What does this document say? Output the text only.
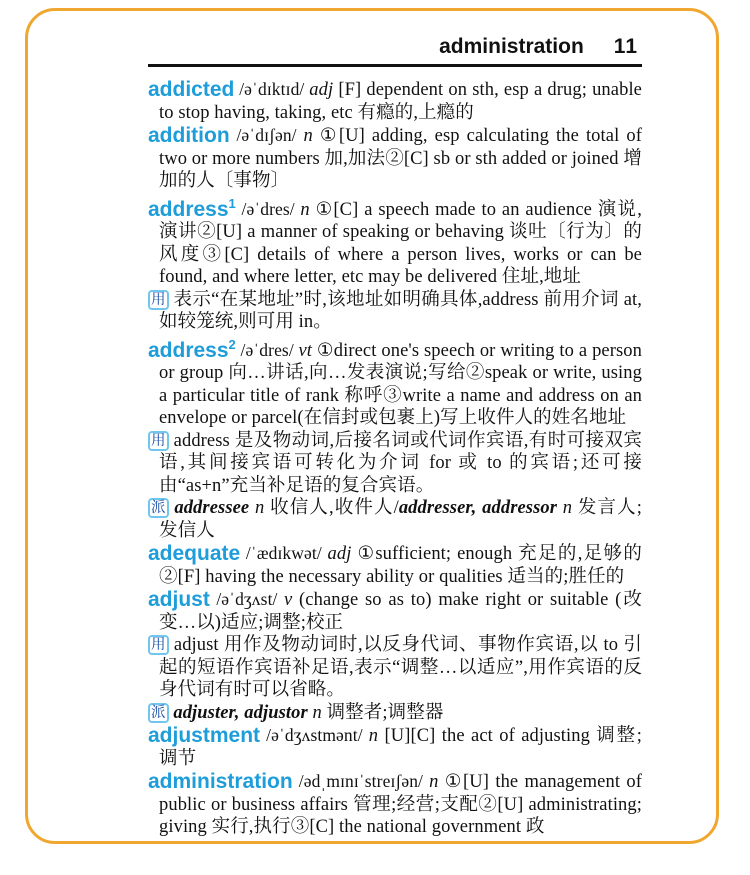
administration 11

addicted /əˈdɪktɪd/ adj [F] dependent on sth, esp a drug; unable to stop having, taking, etc 有瘾的,上瘾的

addition /əˈdɪʃən/ n ①[U] adding, esp calculating the total of two or more numbers 加,加法②[C] sb or sth added or joined 增加的人〔事物〕

address$^1$ /əˈdres/ n ①[C] a speech made to an audience 演说,演讲②[U] a manner of speaking or behaving 谈吐〔行为〕的风度③[C] details of where a person lives, works or can be found, and where letter, etc may be delivered 住址,地址

用 表示“在某地址”时,该地址如明确具体,address 前用介词 at, 如较笼统,则可用 in。

address$^2$ /əˈdres/ vt ①direct one's speech or writing to a person or group 向…讲话,向…发表演说;写给②speak or write, using a particular title of rank 称呼③write a name and address on an envelope or parcel(在信封或包裹上)写上收件人的姓名地址

用 address 是及物动词,后接名词或代词作宾语,有时可接双宾语,其间接宾语可转化为介词 for 或 to 的宾语;还可接由“as+n”充当补足语的复合宾语。

派 addressee n 收信人,收件人/addresser, addressor n 发言人;发信人

adequate /ˈædɪkwət/ adj ①sufficient; enough 充足的,足够的②[F] having the necessary ability or qualities 适当的;胜任的

adjust /əˈdʒʌst/ v (change so as to) make right or suitable (改变…以)适应;调整;校正

用 adjust 用作及物动词时,以反身代词、事物作宾语,以 to 引起的短语作宾语补足语,表示“调整…以适应”,用作宾语的反身代词有时可以省略。

派 adjuster, adjustor n 调整者;调整器

adjustment /əˈdʒʌstmənt/ n [U][C] the act of adjusting 调整;调节

administration /ədˌmɪnɪˈstreɪʃən/ n ①[U] the management of public or business affairs 管理;经营;支配②[U] administrating; giving 实行,执行③[C] the national government 政
